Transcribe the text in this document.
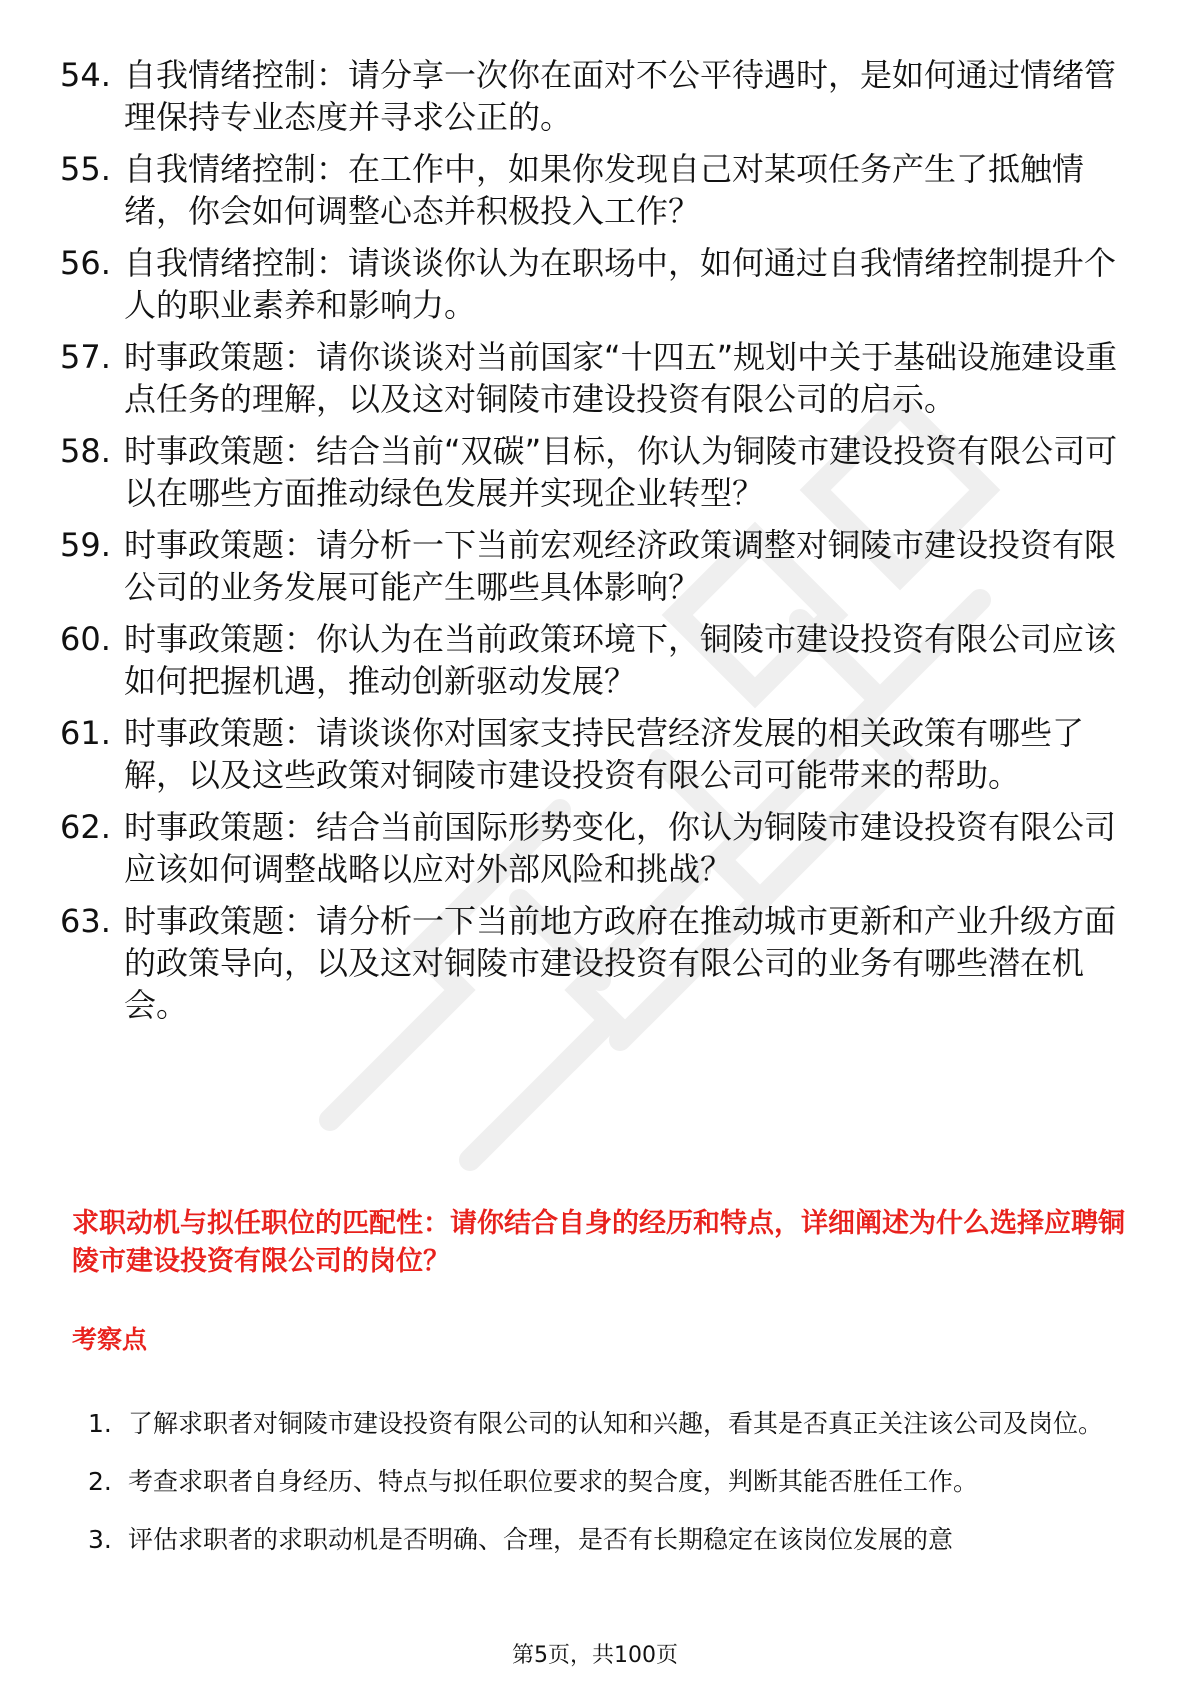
54. 自我情绪控制：请分享一次你在面对不公平待遇时，是如何通过情绪管理保持专业态度并寻求公正的。
55. 自我情绪控制：在工作中，如果你发现自己对某项任务产生了抵触情绪，你会如何调整心态并积极投入工作？
56. 自我情绪控制：请谈谈你认为在职场中，如何通过自我情绪控制提升个人的职业素养和影响力。
57. 时事政策题：请你谈谈对当前国家“十四五”规划中关于基础设施建设重点任务的理解，以及这对铜陵市建设投资有限公司的启示。
58. 时事政策题：结合当前“双碳”目标，你认为铜陵市建设投资有限公司可以在哪些方面推动绿色发展并实现企业转型？
59. 时事政策题：请分析一下当前宏观经济政策调整对铜陵市建设投资有限公司的业务发展可能产生哪些具体影响？
60. 时事政策题：你认为在当前政策环境下，铜陵市建设投资有限公司应该如何把握机遇，推动创新驱动发展？
61. 时事政策题：请谈谈你对国家支持民营经济发展的相关政策有哪些了解，以及这些政策对铜陵市建设投资有限公司可能带来的帮助。
62. 时事政策题：结合当前国际形势变化，你认为铜陵市建设投资有限公司应该如何调整战略以应对外部风险和挑战？
63. 时事政策题：请分析一下当前地方政府在推动城市更新和产业升级方面的政策导向，以及这对铜陵市建设投资有限公司的业务有哪些潜在机会。
求职动机与拟任职位的匹配性：请你结合自身的经历和特点，详细阐述为什么选择应聘铜陵市建设投资有限公司的岗位？
考察点
1. 了解求职者对铜陵市建设投资有限公司的认知和兴趣，看其是否真正关注该公司及岗位。
2. 考查求职者自身经历、特点与拟任职位要求的契合度，判断其能否胜任工作。
3. 评估求职者的求职动机是否明确、合理，是否有长期稳定在该岗位发展的意
第5页，共100页
